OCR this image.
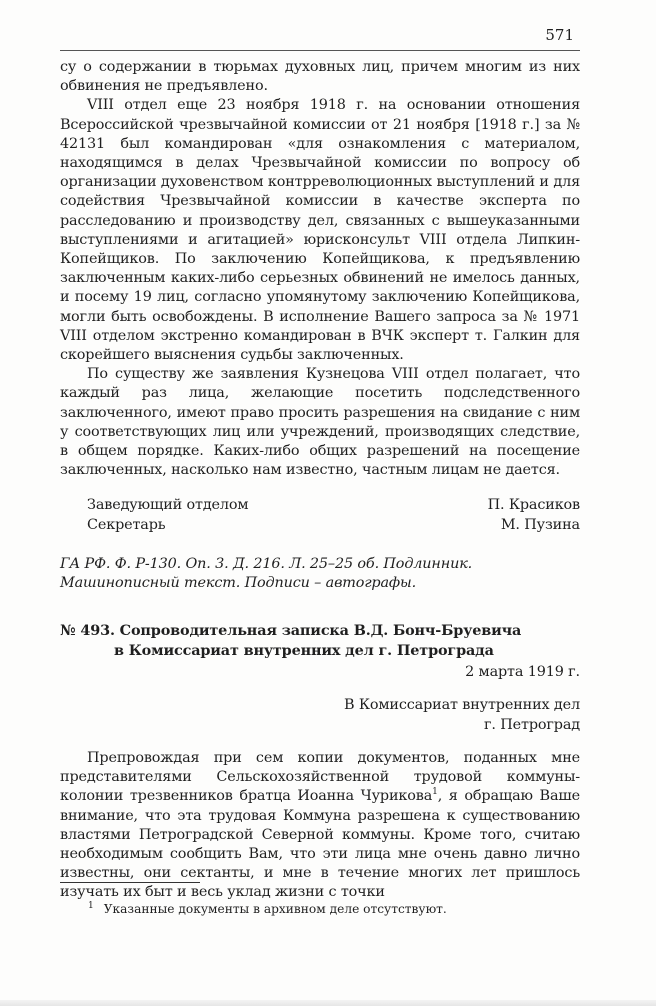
571

су о содержании в тюрьмах духовных лиц, причем многим из них обвинения не предъявлено.

VIII отдел еще 23 ноября 1918 г. на основании отношения Всероссийской чрезвычайной комиссии от 21 ноября [1918 г.] за № 42131 был командирован «для ознакомления с материалом, находящимся в делах Чрезвычайной комиссии по вопросу об организации духовенством контрреволюционных выступлений и для содействия Чрезвычайной комиссии в качестве эксперта по расследованию и производству дел, связанных с вышеуказанными выступлениями и агитацией» юрисконсульт VIII отдела Липкин-Копейщиков. По заключению Копейщикова, к предъявлению заключенным каких-либо серьезных обвинений не имелось данных, и посему 19 лиц, согласно упомянутому заключению Копейщикова, могли быть освобождены. В исполнение Вашего запроса за № 1971 VIII отделом экстренно командирован в ВЧК эксперт т. Галкин для скорейшего выяснения судьбы заключенных.

По существу же заявления Кузнецова VIII отдел полагает, что каждый раз лица, желающие посетить подследственного заключенного, имеют право просить разрешения на свидание с ним у соответствующих лиц или учреждений, производящих следствие, в общем порядке. Каких-либо общих разрешений на посещение заключенных, насколько нам известно, частным лицам не дается.

Заведующий отделом	П. Красиков
Секретарь	М. Пузина
ГА РФ. Ф. Р-130. Оп. 3. Д. 216. Л. 25–25 об. Подлинник.
Машинописный текст. Подписи – автографы.
№ 493. Сопроводительная записка В.Д. Бонч-Бруевича
в Комиссариат внутренних дел г. Петрограда
2 марта 1919 г.
В Комиссариат внутренних дел
г. Петроград

Препровождая при сем копии документов, поданных мне представителями Сельскохозяйственной трудовой коммуны-колонии трезвенников братца Иоанна Чурикова$^1$, я обращаю Ваше внимание, что эта трудовая Коммуна разрешена к существованию властями Петроградской Северной коммуны. Кроме того, считаю необходимым сообщить Вам, что эти лица мне очень давно лично известны, они сектанты, и мне в течение многих лет пришлось изучать их быт и весь уклад жизни с точки

$^1$ Указанные документы в архивном деле отсутствуют.
